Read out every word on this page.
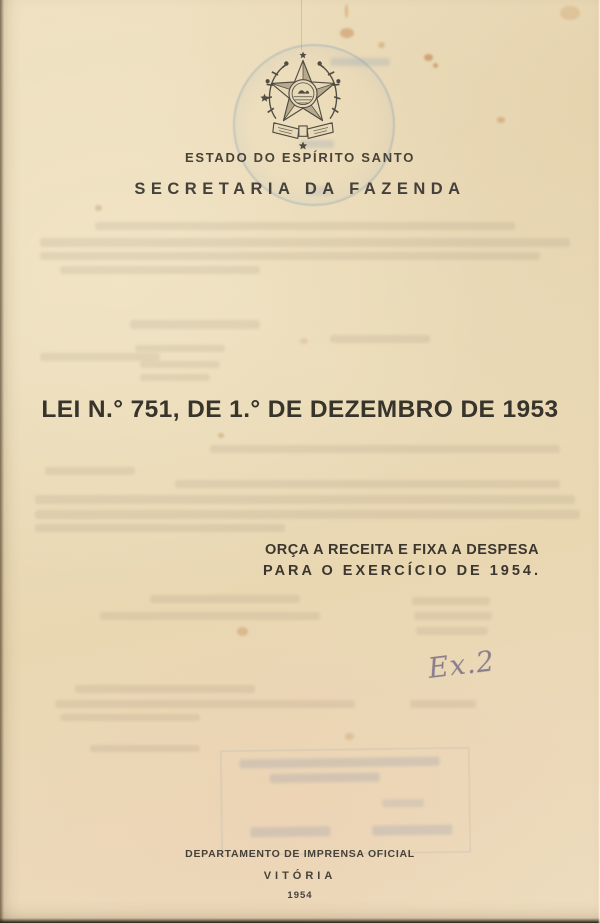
ESTADO DO ESPÍRITO SANTO
SECRETARIA DA FAZENDA
LEI N.° 751, DE 1.° DE DEZEMBRO DE 1953
ORÇA A RECEITA E FIXA A DESPESA
PARA O EXERCÍCIO DE 1954.
Ex.2
DEPARTAMENTO DE IMPRENSA OFICIAL
VITÓRIA
1954
